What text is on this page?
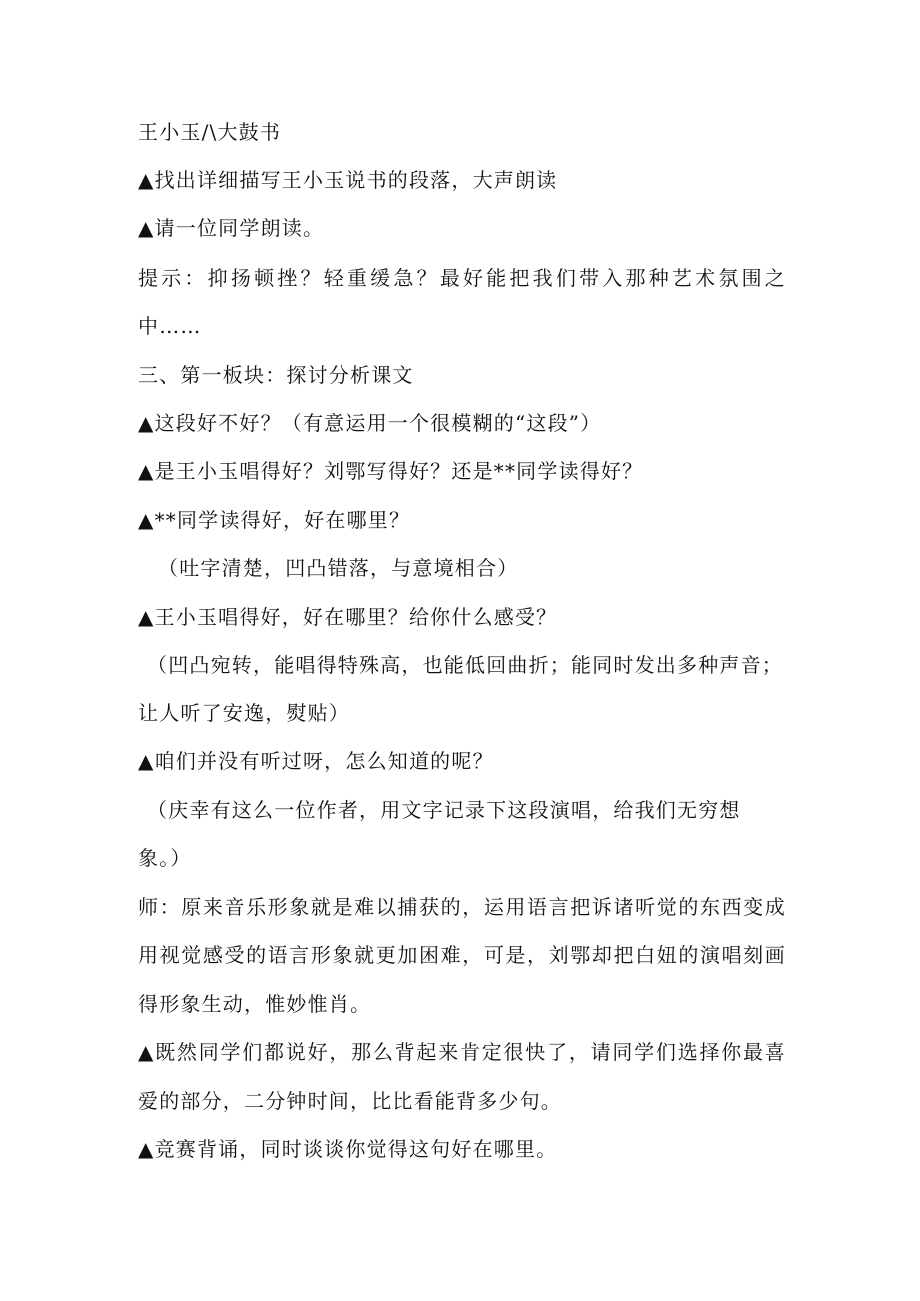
王小玉/\大鼓书
▲找出详细描写王小玉说书的段落，大声朗读
▲请一位同学朗读。
提示：抑扬顿挫？轻重缓急？最好能把我们带入那种艺术氛围之
中……
三、第一板块：探讨分析课文
▲这段好不好？（有意运用一个很模糊的“这段”）
▲是王小玉唱得好？刘鄂写得好？还是**同学读得好？
▲**同学读得好，好在哪里？
（吐字清楚，凹凸错落，与意境相合）
▲王小玉唱得好，好在哪里？给你什么感受？
（凹凸宛转，能唱得特殊高，也能低回曲折；能同时发出多种声音；
让人听了安逸，熨贴）
▲咱们并没有听过呀，怎么知道的呢？
（庆幸有这么一位作者，用文字记录下这段演唱，给我们无穷想
象。）
师：原来音乐形象就是难以捕获的，运用语言把诉诸听觉的东西变成
用视觉感受的语言形象就更加困难，可是，刘鄂却把白妞的演唱刻画
得形象生动，惟妙惟肖。
▲既然同学们都说好，那么背起来肯定很快了，请同学们选择你最喜
爱的部分，二分钟时间，比比看能背多少句。
▲竞赛背诵，同时谈谈你觉得这句好在哪里。
